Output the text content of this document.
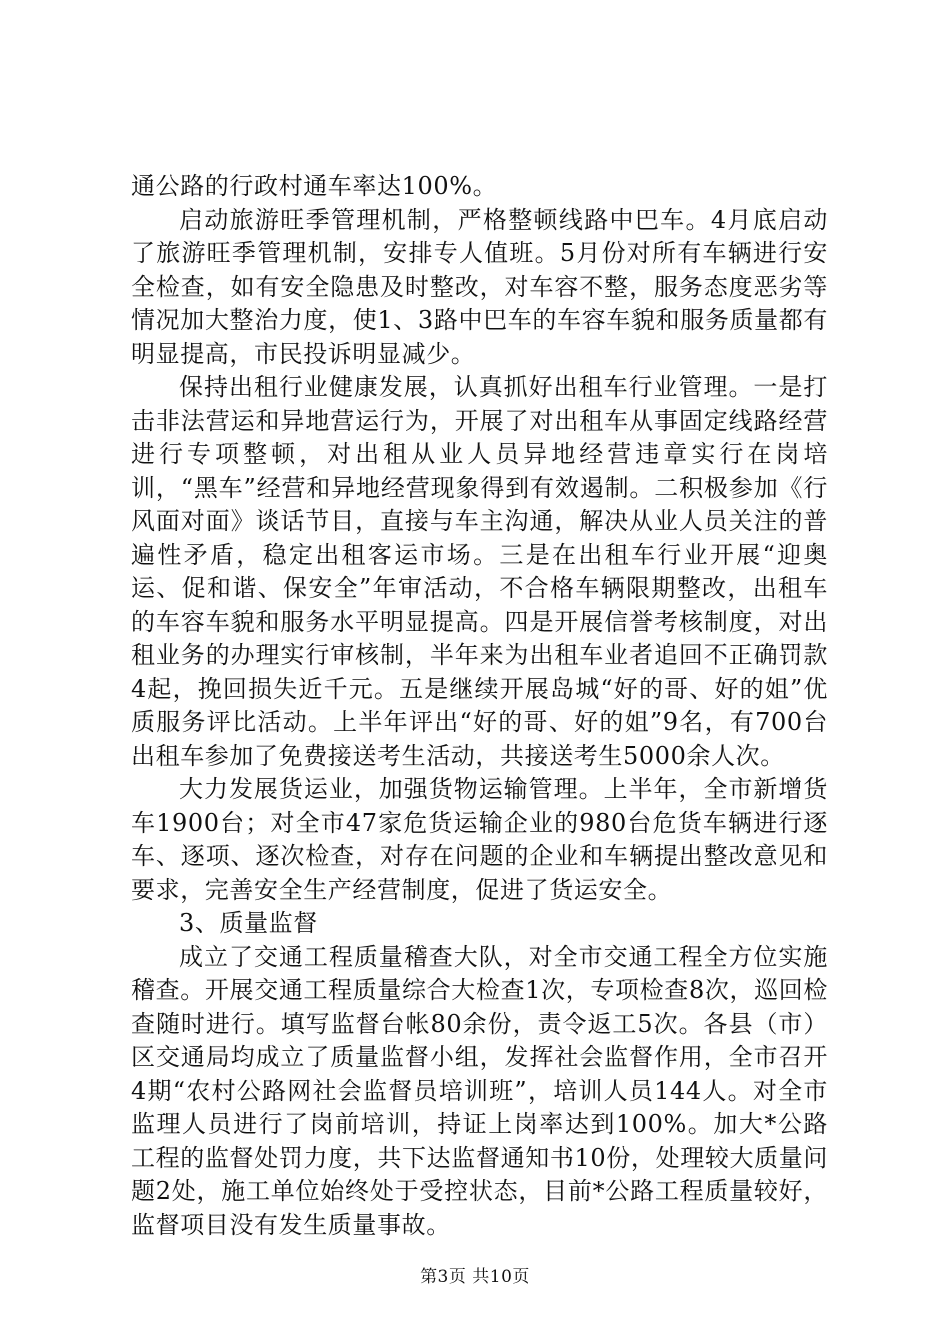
通公路的行政村通车率达100%。

启动旅游旺季管理机制，严格整顿线路中巴车。4月底启动了旅游旺季管理机制，安排专人值班。5月份对所有车辆进行安全检查，如有安全隐患及时整改，对车容不整，服务态度恶劣等情况加大整治力度，使1、3路中巴车的车容车貌和服务质量都有明显提高，市民投诉明显减少。

保持出租行业健康发展，认真抓好出租车行业管理。一是打击非法营运和异地营运行为，开展了对出租车从事固定线路经营进行专项整顿，对出租从业人员异地经营违章实行在岗培训，“黑车”经营和异地经营现象得到有效遏制。二积极参加《行风面对面》谈话节目，直接与车主沟通，解决从业人员关注的普遍性矛盾，稳定出租客运市场。三是在出租车行业开展“迎奥运、促和谐、保安全”年审活动，不合格车辆限期整改，出租车的车容车貌和服务水平明显提高。四是开展信誉考核制度，对出租业务的办理实行审核制，半年来为出租车业者追回不正确罚款4起，挽回损失近千元。五是继续开展岛城“好的哥、好的姐”优质服务评比活动。上半年评出“好的哥、好的姐”9名，有700台出租车参加了免费接送考生活动，共接送考生5000余人次。

大力发展货运业，加强货物运输管理。上半年，全市新增货车1900台；对全市47家危货运输企业的980台危货车辆进行逐车、逐项、逐次检查，对存在问题的企业和车辆提出整改意见和要求，完善安全生产经营制度，促进了货运安全。

3、质量监督

成立了交通工程质量稽查大队，对全市交通工程全方位实施稽查。开展交通工程质量综合大检查1次，专项检查8次，巡回检查随时进行。填写监督台帐80余份，责令返工5次。各县（市）区交通局均成立了质量监督小组，发挥社会监督作用，全市召开4期“农村公路网社会监督员培训班”，培训人员144人。对全市监理人员进行了岗前培训，持证上岗率达到100%。加大*公路工程的监督处罚力度，共下达监督通知书10份，处理较大质量问题2处，施工单位始终处于受控状态，目前*公路工程质量较好，监督项目没有发生质量事故。

第3页 共10页
